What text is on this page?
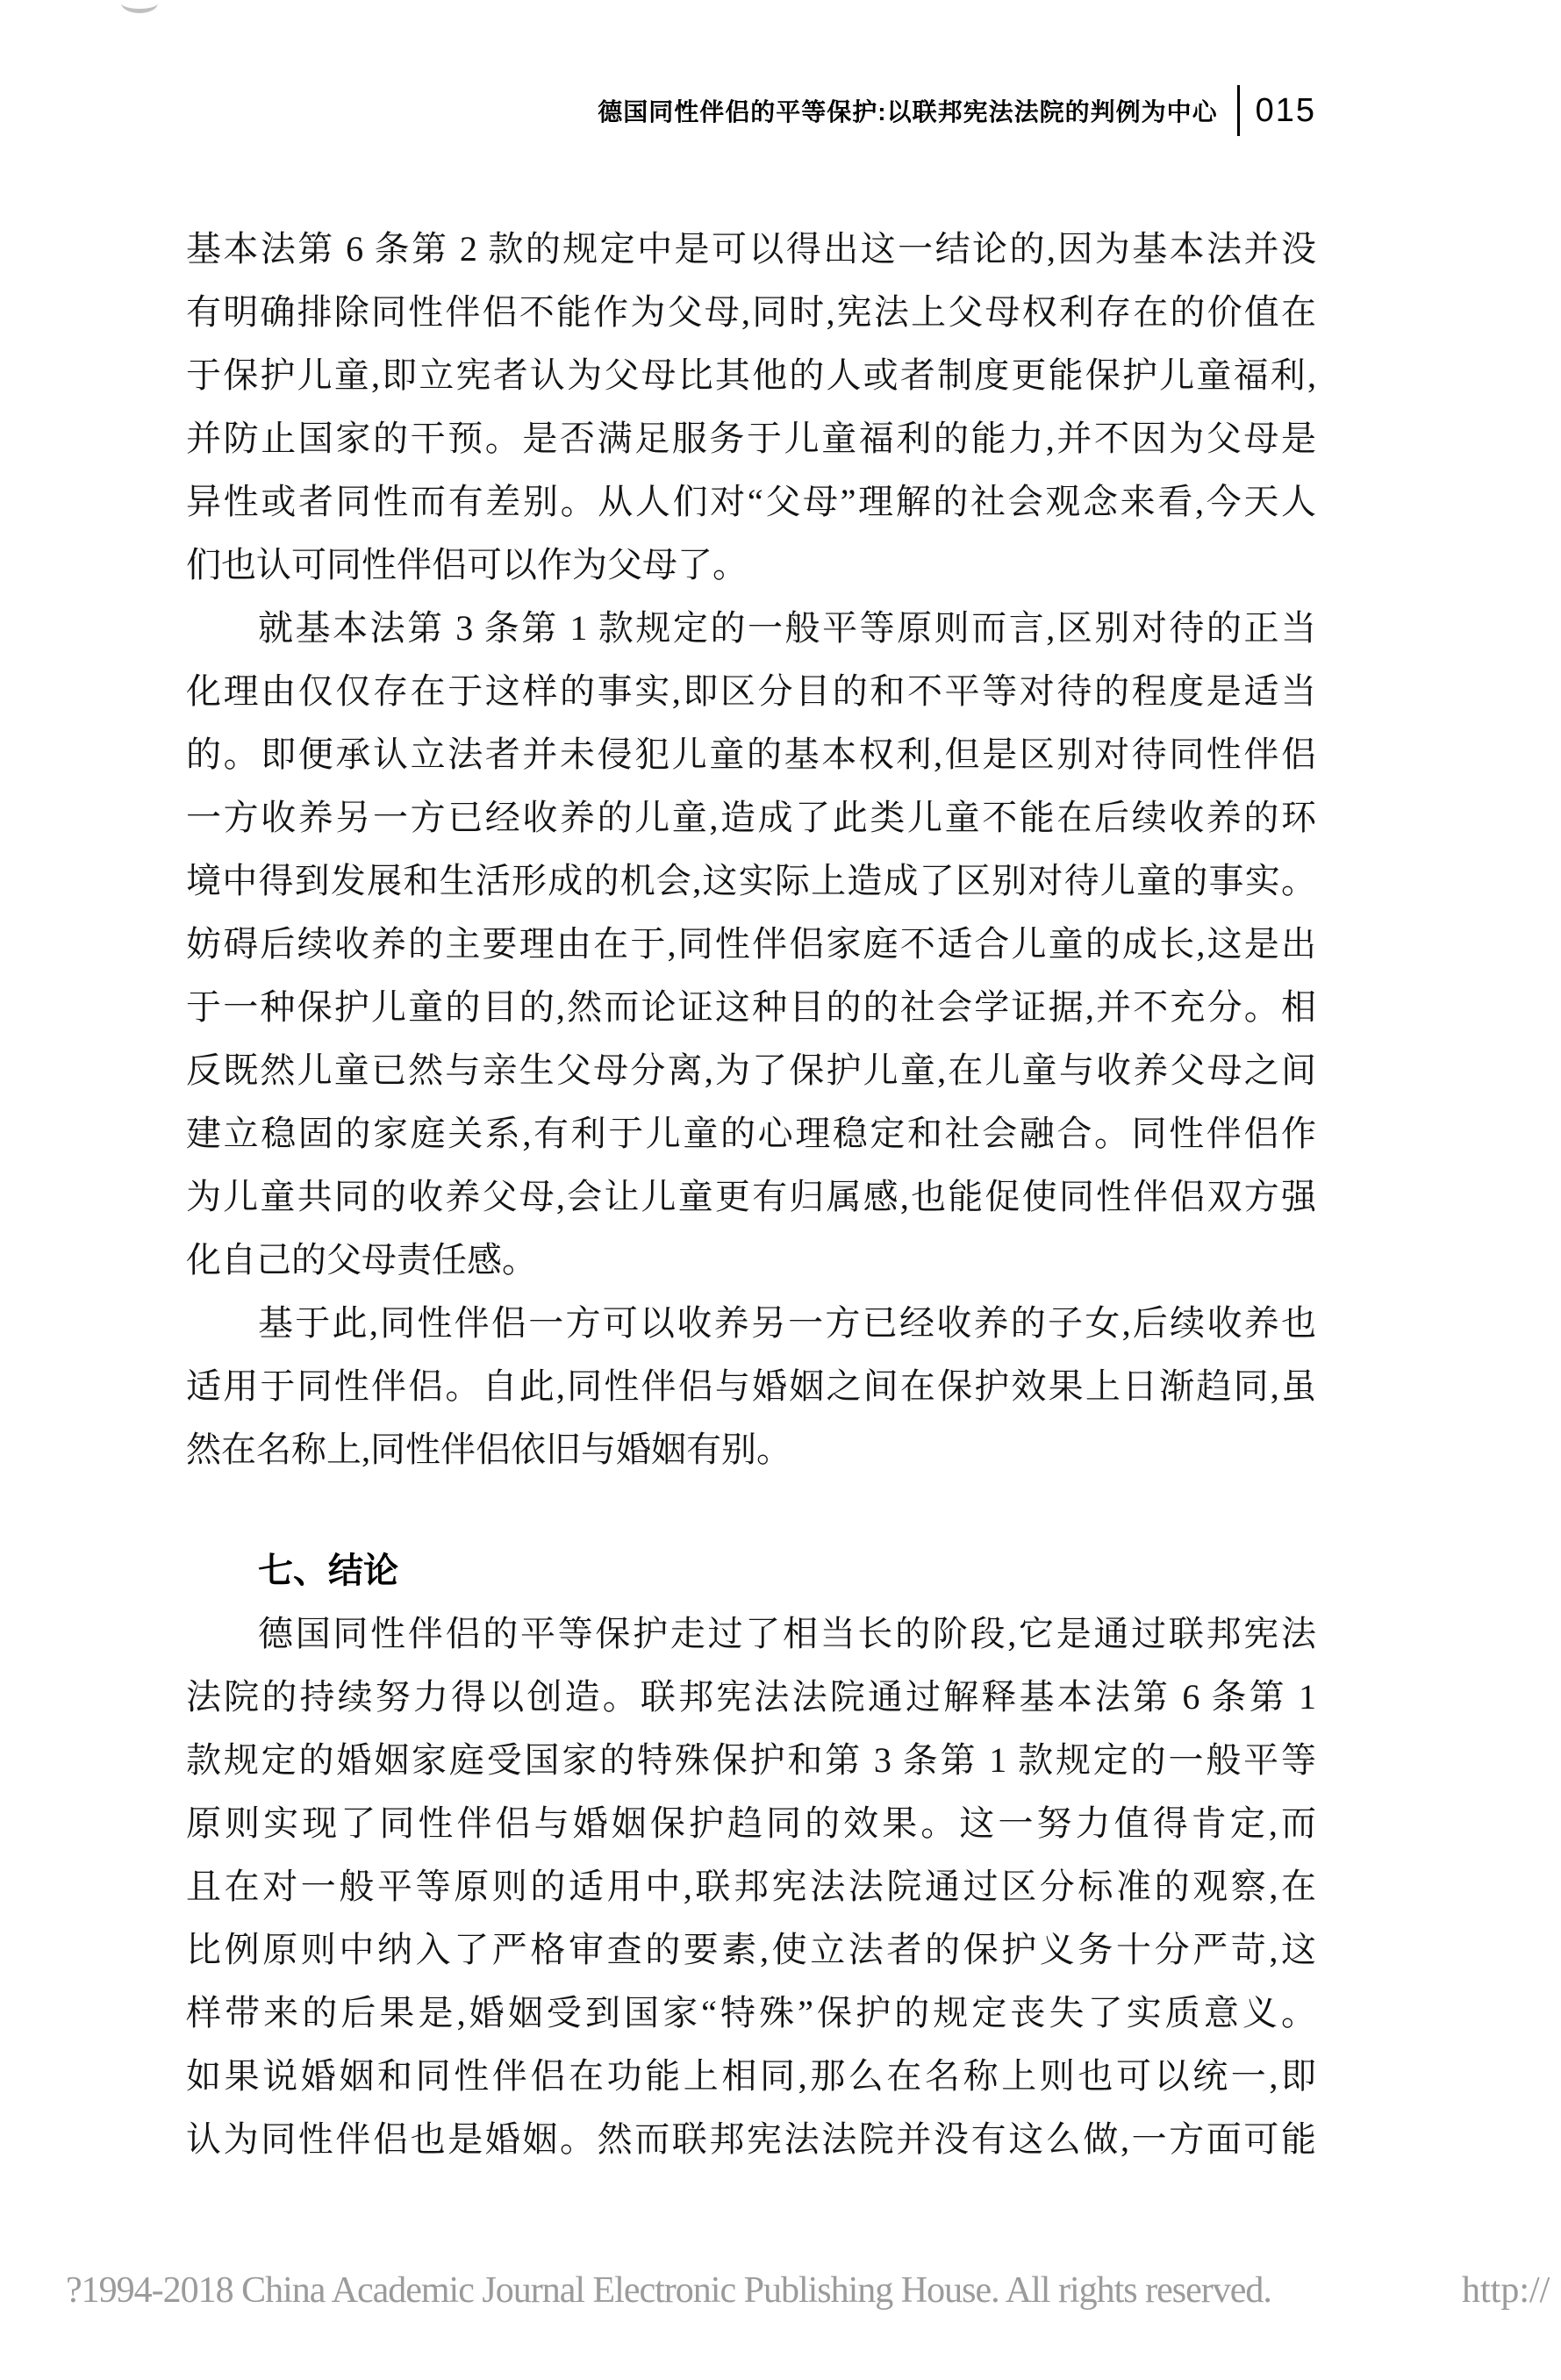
德国同性伴侣的平等保护:以联邦宪法法院的判例为中心 015
基本法第 6 条第 2 款的规定中是可以得出这一结论的,因为基本法并没
有明确排除同性伴侣不能作为父母,同时,宪法上父母权利存在的价值在
于保护儿童,即立宪者认为父母比其他的人或者制度更能保护儿童福利,
并防止国家的干预。是否满足服务于儿童福利的能力,并不因为父母是
异性或者同性而有差别。从人们对“父母”理解的社会观念来看,今天人
们也认可同性伴侣可以作为父母了。
就基本法第 3 条第 1 款规定的一般平等原则而言,区别对待的正当
化理由仅仅存在于这样的事实,即区分目的和不平等对待的程度是适当
的。即便承认立法者并未侵犯儿童的基本权利,但是区别对待同性伴侣
一方收养另一方已经收养的儿童,造成了此类儿童不能在后续收养的环
境中得到发展和生活形成的机会,这实际上造成了区别对待儿童的事实。
妨碍后续收养的主要理由在于,同性伴侣家庭不适合儿童的成长,这是出
于一种保护儿童的目的,然而论证这种目的的社会学证据,并不充分。相
反既然儿童已然与亲生父母分离,为了保护儿童,在儿童与收养父母之间
建立稳固的家庭关系,有利于儿童的心理稳定和社会融合。同性伴侣作
为儿童共同的收养父母,会让儿童更有归属感,也能促使同性伴侣双方强
化自己的父母责任感。
基于此,同性伴侣一方可以收养另一方已经收养的子女,后续收养也
适用于同性伴侣。自此,同性伴侣与婚姻之间在保护效果上日渐趋同,虽
然在名称上,同性伴侣依旧与婚姻有别。
七、结论
德国同性伴侣的平等保护走过了相当长的阶段,它是通过联邦宪法
法院的持续努力得以创造。联邦宪法法院通过解释基本法第 6 条第 1
款规定的婚姻家庭受国家的特殊保护和第 3 条第 1 款规定的一般平等
原则实现了同性伴侣与婚姻保护趋同的效果。这一努力值得肯定,而
且在对一般平等原则的适用中,联邦宪法法院通过区分标准的观察,在
比例原则中纳入了严格审查的要素,使立法者的保护义务十分严苛,这
样带来的后果是,婚姻受到国家“特殊”保护的规定丧失了实质意义。
如果说婚姻和同性伴侣在功能上相同,那么在名称上则也可以统一,即
认为同性伴侣也是婚姻。然而联邦宪法法院并没有这么做,一方面可能
?1994-2018 China Academic Journal Electronic Publishing House. All rights reserved.	http://
